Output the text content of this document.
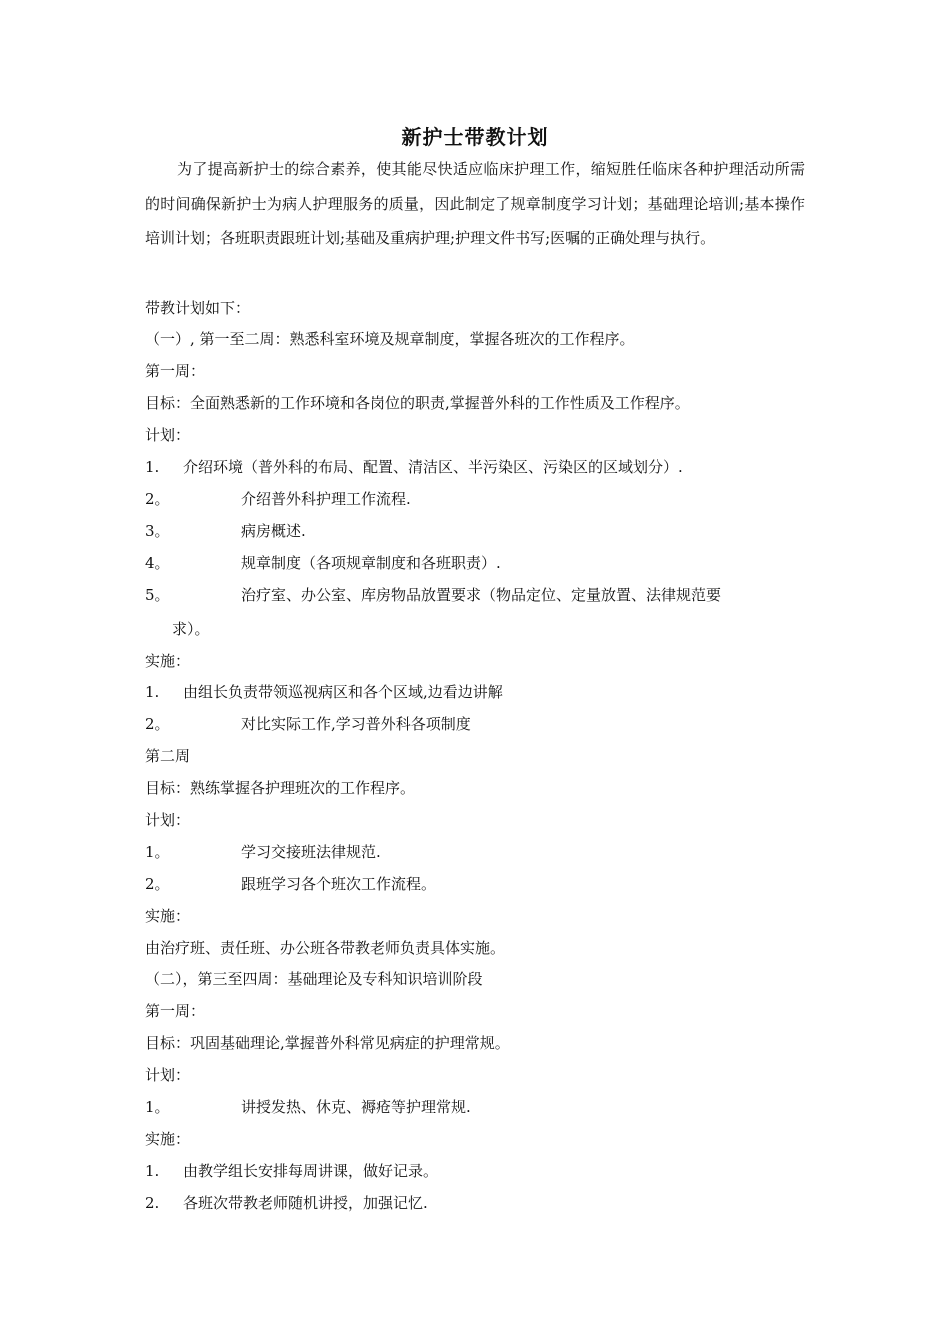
新护士带教计划
为了提高新护士的综合素养，使其能尽快适应临床护理工作，缩短胜任临床各种护理活动所需的时间确保新护士为病人护理服务的质量，因此制定了规章制度学习计划；基础理论培训;基本操作培训计划；各班职责跟班计划;基础及重病护理;护理文件书写;医嘱的正确处理与执行。
带教计划如下：
（一）, 第一至二周：熟悉科室环境及规章制度，掌握各班次的工作程序。
第一周：
目标：全面熟悉新的工作环境和各岗位的职责,掌握普外科的工作性质及工作程序。
计划：
1. 介绍环境（普外科的布局、配置、清洁区、半污染区、污染区的区域划分）.
2。	介绍普外科护理工作流程.
3。	病房概述.
4。	规章制度（各项规章制度和各班职责）.
5。	治疗室、办公室、库房物品放置要求（物品定位、定量放置、法律规范要
求）。
实施：
1. 由组长负责带领巡视病区和各个区域,边看边讲解
2。	对比实际工作,学习普外科各项制度
第二周
目标：熟练掌握各护理班次的工作程序。
计划：
1。	学习交接班法律规范.
2。	跟班学习各个班次工作流程。
实施：
由治疗班、责任班、办公班各带教老师负责具体实施。
（二），第三至四周：基础理论及专科知识培训阶段
第一周：
目标：巩固基础理论,掌握普外科常见病症的护理常规。
计划：
1。	讲授发热、休克、褥疮等护理常规.
实施：
1. 由教学组长安排每周讲课，做好记录。
2. 各班次带教老师随机讲授，加强记忆.
